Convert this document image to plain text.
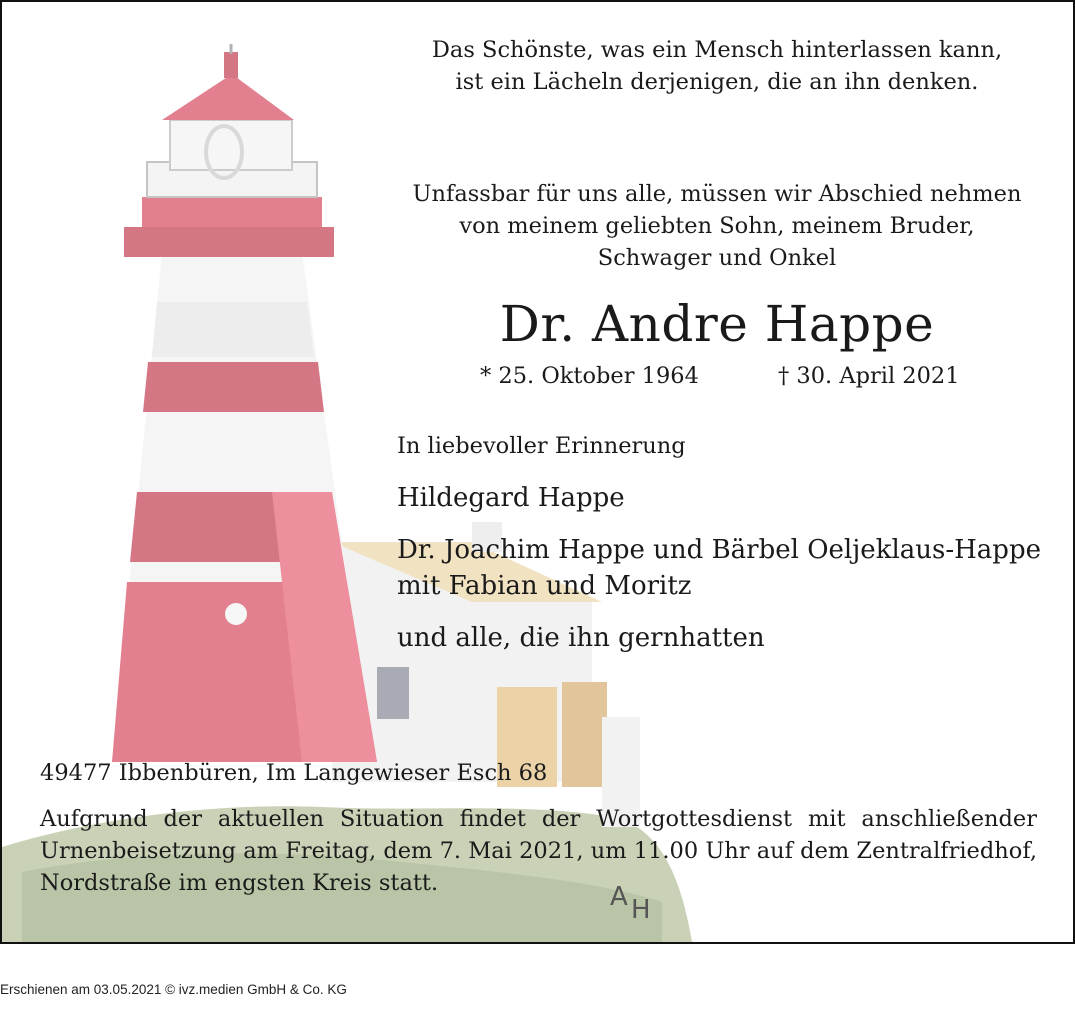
Das Schönste, was ein Mensch hinterlassen kann,
ist ein Lächeln derjenigen, die an ihn denken.
Unfassbar für uns alle, müssen wir Abschied nehmen
von meinem geliebten Sohn, meinem Bruder,
Schwager und Onkel
Dr. Andre Happe
* 25. Oktober 1964	† 30. April 2021
In liebevoller Erinnerung
Hildegard Happe
Dr. Joachim Happe und Bärbel Oeljeklaus-Happe
mit Fabian und Moritz
und alle, die ihn gernhatten
49477 Ibbenbüren, Im Langewieser Esch 68
Aufgrund der aktuellen Situation findet der Wortgottesdienst mit anschließender
Urnenbeisetzung am Freitag, dem 7. Mai 2021, um 11.00 Uhr auf dem Zentralfriedhof,
Nordstraße im engsten Kreis statt.	A H
Erschienen am 03.05.2021 © ivz.medien GmbH & Co. KG
